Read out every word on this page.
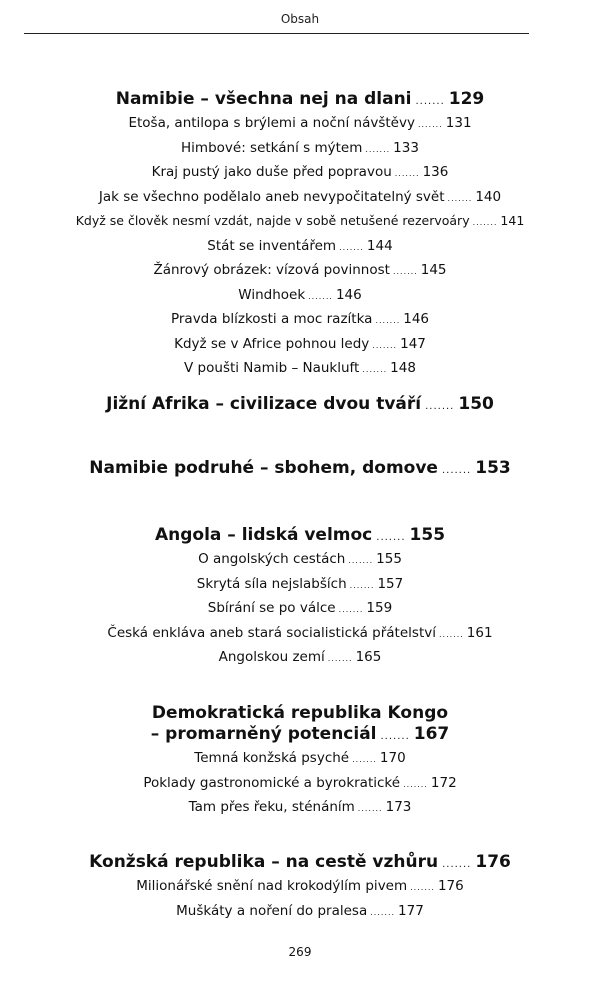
Obsah
Namibie – všechna nej na dlani ....... 129
Etoša, antilopa s brýlemi a noční návštěvy ....... 131
Himbové: setkání s mýtem ....... 133
Kraj pustý jako duše před popravou ....... 136
Jak se všechno podělalo aneb nevypočitatelný svět ....... 140
Když se člověk nesmí vzdát, najde v sobě netušené rezervoáry ....... 141
Stát se inventářem ....... 144
Žánrový obrázek: vízová povinnost ....... 145
Windhoek ....... 146
Pravda blízkosti a moc razítka ....... 146
Když se v Africe pohnou ledy ....... 147
V poušti Namib – Naukluft ....... 148
Jižní Afrika – civilizace dvou tváří ....... 150
Namibie podruhé – sbohem, domove ....... 153
Angola – lidská velmoc ....... 155
O angolských cestách ....... 155
Skrytá síla nejslabších ....... 157
Sbírání se po válce ....... 159
Česká enkláva aneb stará socialistická přátelství ....... 161
Angolskou zemí ....... 165
Demokratická republika Kongo
– promarněný potenciál ....... 167
Temná konžská psyché ....... 170
Poklady gastronomické a byrokratické ....... 172
Tam přes řeku, sténáním ....... 173
Konžská republika – na cestě vzhůru ....... 176
Milionářské snění nad krokodýlím pivem ....... 176
Muškáty a noření do pralesa ....... 177
269
